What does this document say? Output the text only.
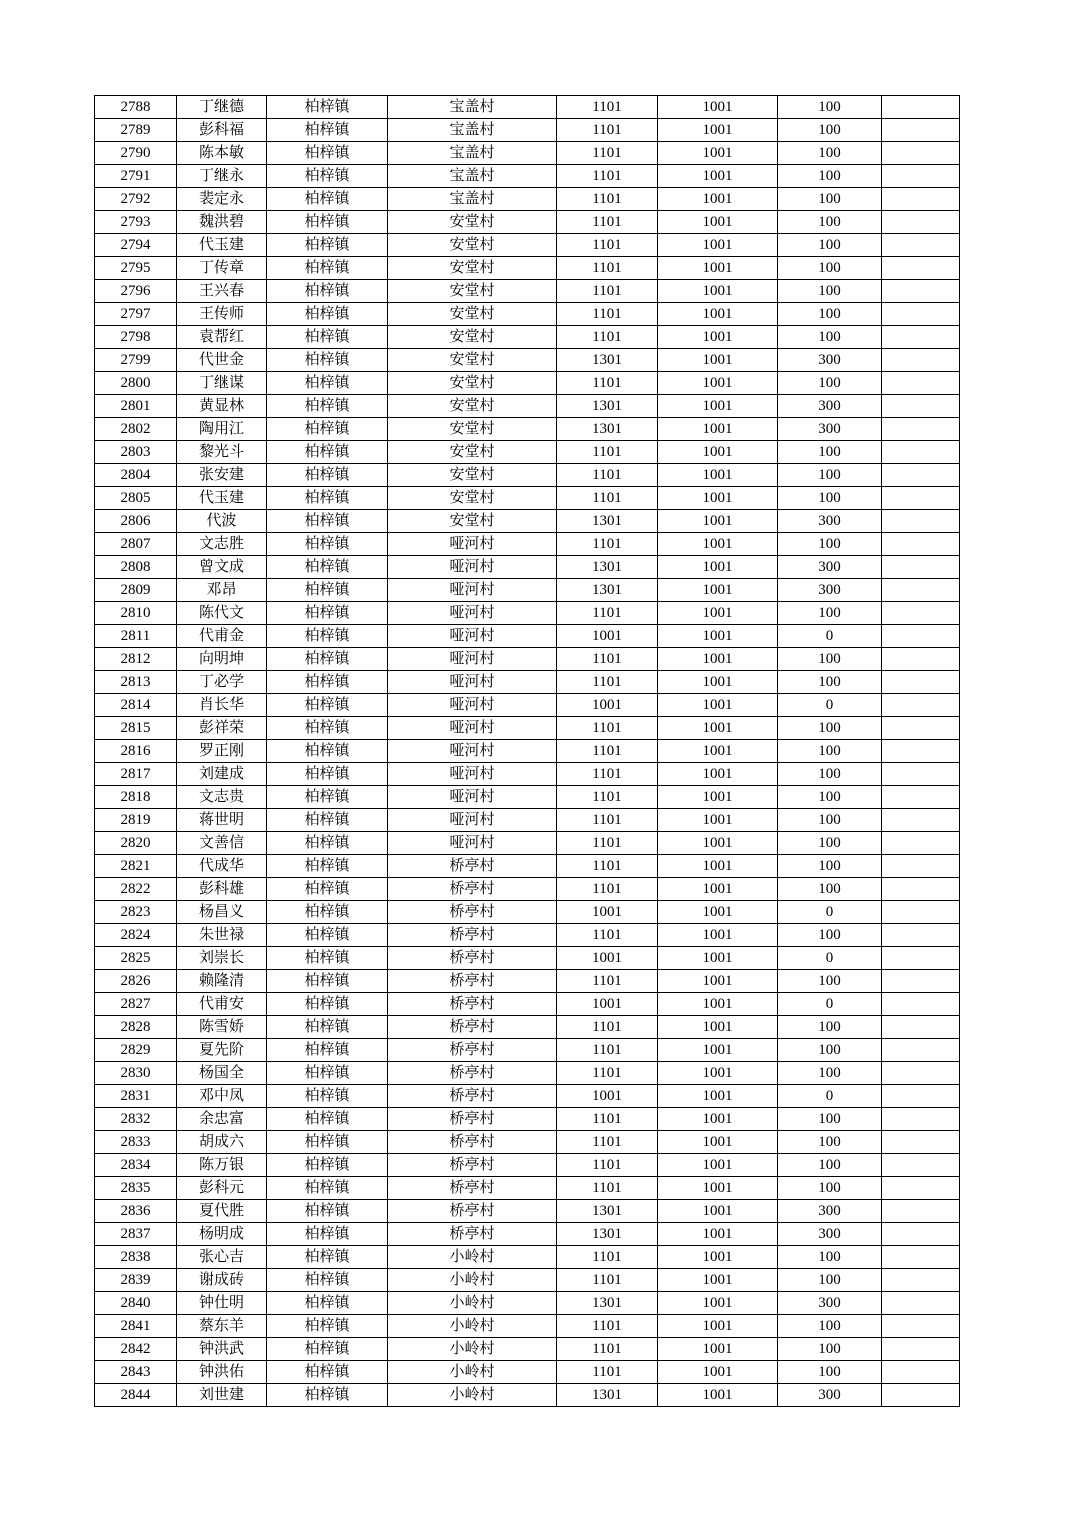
2788	丁继德	柏梓镇	宝盖村	1101	1001	100	
2789	彭科福	柏梓镇	宝盖村	1101	1001	100	
2790	陈本敏	柏梓镇	宝盖村	1101	1001	100	
2791	丁继永	柏梓镇	宝盖村	1101	1001	100	
2792	裴定永	柏梓镇	宝盖村	1101	1001	100	
2793	魏洪碧	柏梓镇	安堂村	1101	1001	100	
2794	代玉建	柏梓镇	安堂村	1101	1001	100	
2795	丁传章	柏梓镇	安堂村	1101	1001	100	
2796	王兴春	柏梓镇	安堂村	1101	1001	100	
2797	王传师	柏梓镇	安堂村	1101	1001	100	
2798	袁帮红	柏梓镇	安堂村	1101	1001	100	
2799	代世金	柏梓镇	安堂村	1301	1001	300	
2800	丁继谋	柏梓镇	安堂村	1101	1001	100	
2801	黄显林	柏梓镇	安堂村	1301	1001	300	
2802	陶用江	柏梓镇	安堂村	1301	1001	300	
2803	黎光斗	柏梓镇	安堂村	1101	1001	100	
2804	张安建	柏梓镇	安堂村	1101	1001	100	
2805	代玉建	柏梓镇	安堂村	1101	1001	100	
2806	代波	柏梓镇	安堂村	1301	1001	300	
2807	文志胜	柏梓镇	哑河村	1101	1001	100	
2808	曾文成	柏梓镇	哑河村	1301	1001	300	
2809	邓昂	柏梓镇	哑河村	1301	1001	300	
2810	陈代文	柏梓镇	哑河村	1101	1001	100	
2811	代甫金	柏梓镇	哑河村	1001	1001	0	
2812	向明坤	柏梓镇	哑河村	1101	1001	100	
2813	丁必学	柏梓镇	哑河村	1101	1001	100	
2814	肖长华	柏梓镇	哑河村	1001	1001	0	
2815	彭祥荣	柏梓镇	哑河村	1101	1001	100	
2816	罗正刚	柏梓镇	哑河村	1101	1001	100	
2817	刘建成	柏梓镇	哑河村	1101	1001	100	
2818	文志贵	柏梓镇	哑河村	1101	1001	100	
2819	蒋世明	柏梓镇	哑河村	1101	1001	100	
2820	文善信	柏梓镇	哑河村	1101	1001	100	
2821	代成华	柏梓镇	桥亭村	1101	1001	100	
2822	彭科雄	柏梓镇	桥亭村	1101	1001	100	
2823	杨昌义	柏梓镇	桥亭村	1001	1001	0	
2824	朱世禄	柏梓镇	桥亭村	1101	1001	100	
2825	刘崇长	柏梓镇	桥亭村	1001	1001	0	
2826	赖隆清	柏梓镇	桥亭村	1101	1001	100	
2827	代甫安	柏梓镇	桥亭村	1001	1001	0	
2828	陈雪娇	柏梓镇	桥亭村	1101	1001	100	
2829	夏先阶	柏梓镇	桥亭村	1101	1001	100	
2830	杨国全	柏梓镇	桥亭村	1101	1001	100	
2831	邓中凤	柏梓镇	桥亭村	1001	1001	0	
2832	余忠富	柏梓镇	桥亭村	1101	1001	100	
2833	胡成六	柏梓镇	桥亭村	1101	1001	100	
2834	陈万银	柏梓镇	桥亭村	1101	1001	100	
2835	彭科元	柏梓镇	桥亭村	1101	1001	100	
2836	夏代胜	柏梓镇	桥亭村	1301	1001	300	
2837	杨明成	柏梓镇	桥亭村	1301	1001	300	
2838	张心吉	柏梓镇	小岭村	1101	1001	100	
2839	谢成砖	柏梓镇	小岭村	1101	1001	100	
2840	钟仕明	柏梓镇	小岭村	1301	1001	300	
2841	蔡东羊	柏梓镇	小岭村	1101	1001	100	
2842	钟洪武	柏梓镇	小岭村	1101	1001	100	
2843	钟洪佑	柏梓镇	小岭村	1101	1001	100	
2844	刘世建	柏梓镇	小岭村	1301	1001	300	
